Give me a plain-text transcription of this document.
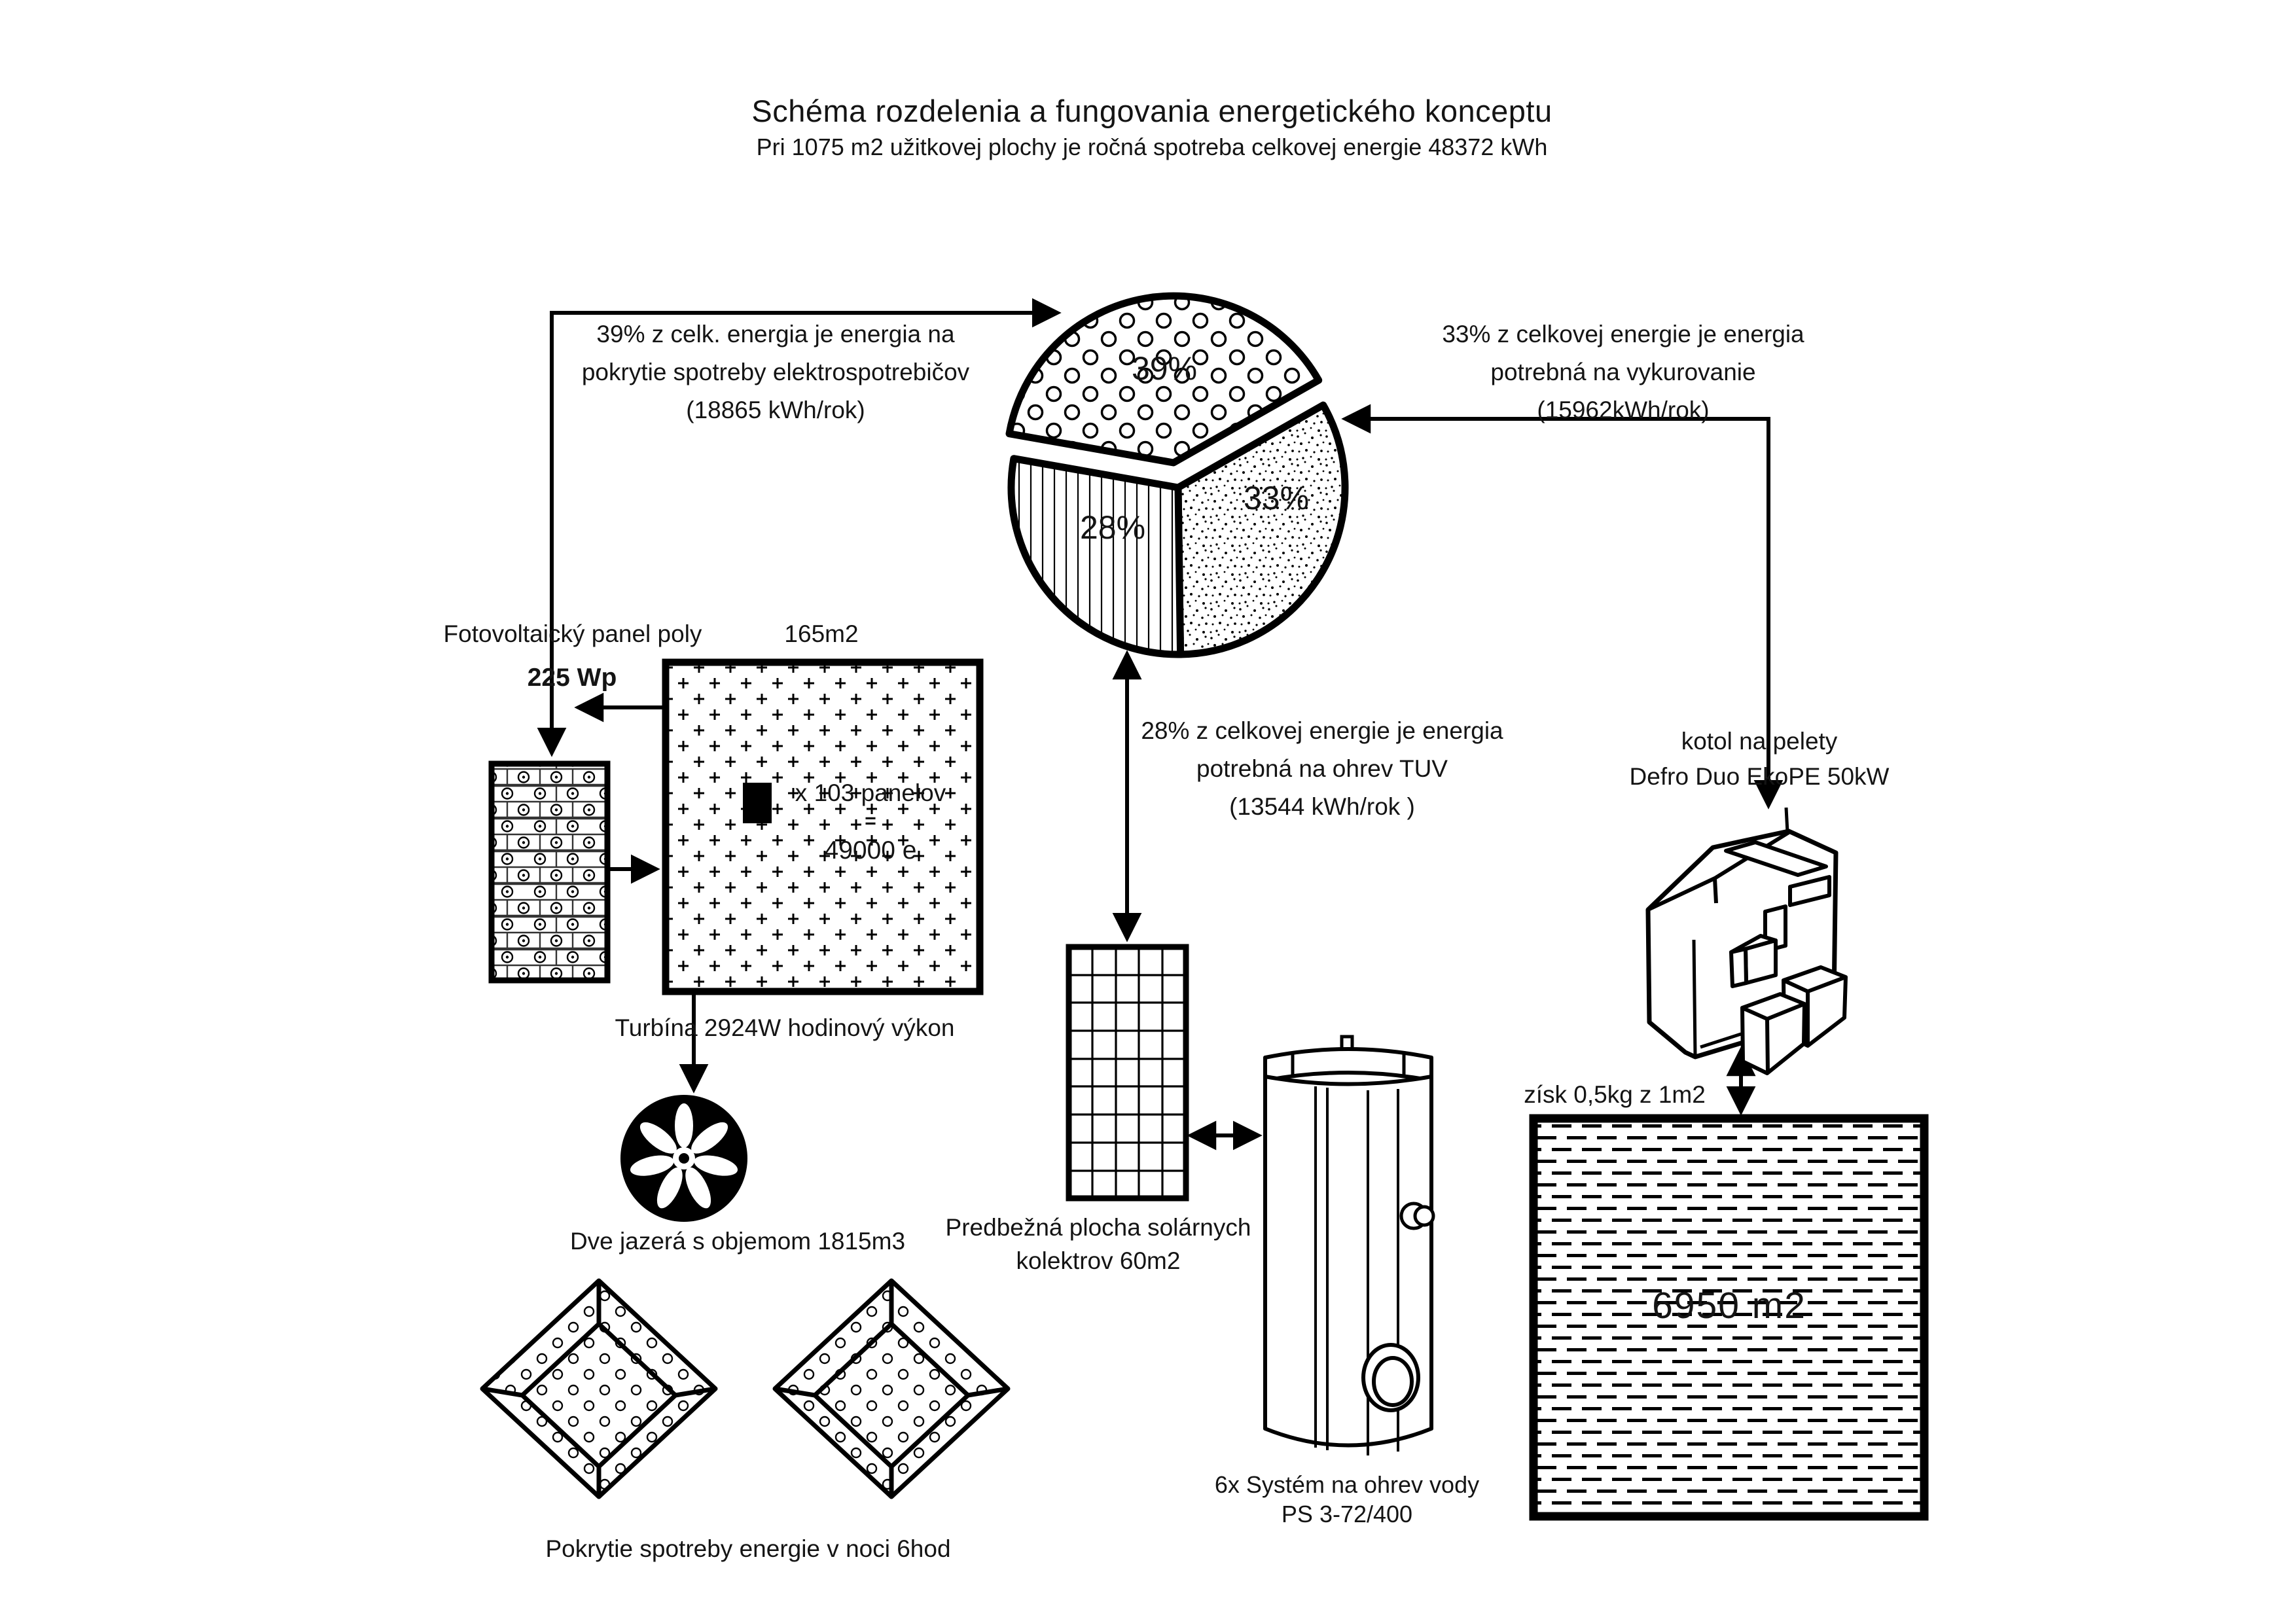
Schéma rozdelenia a fungovania energetického konceptu
Pri 1075 m2 užitkovej plochy je ročná spotreba celkovej energie 48372 kWh
39%
33%
28%
39% z celk. energia je energia na
pokrytie spotreby elektrospotrebičov
(18865 kWh/rok)
33% z celkovej energie je energia
potrebná na vykurovanie
(15962kWh/rok)
28% z celkovej energie je energia
potrebná na ohrev TUV
(13544 kWh/rok )
kotol na pelety
Defro Duo EkoPE 50kW
Fotovoltaický panel poly
225 Wp
165m2
x 103 panelov
=
49000 e
Turbína 2924W hodinový výkon
Predbežná plocha solárnych
kolektrov 60m2
6x Systém na ohrev vody
PS 3-72/400
Dve jazerá s objemom 1815m3
Pokrytie spotreby energie v noci 6hod
získ 0,5kg z 1m2
6950 m2
